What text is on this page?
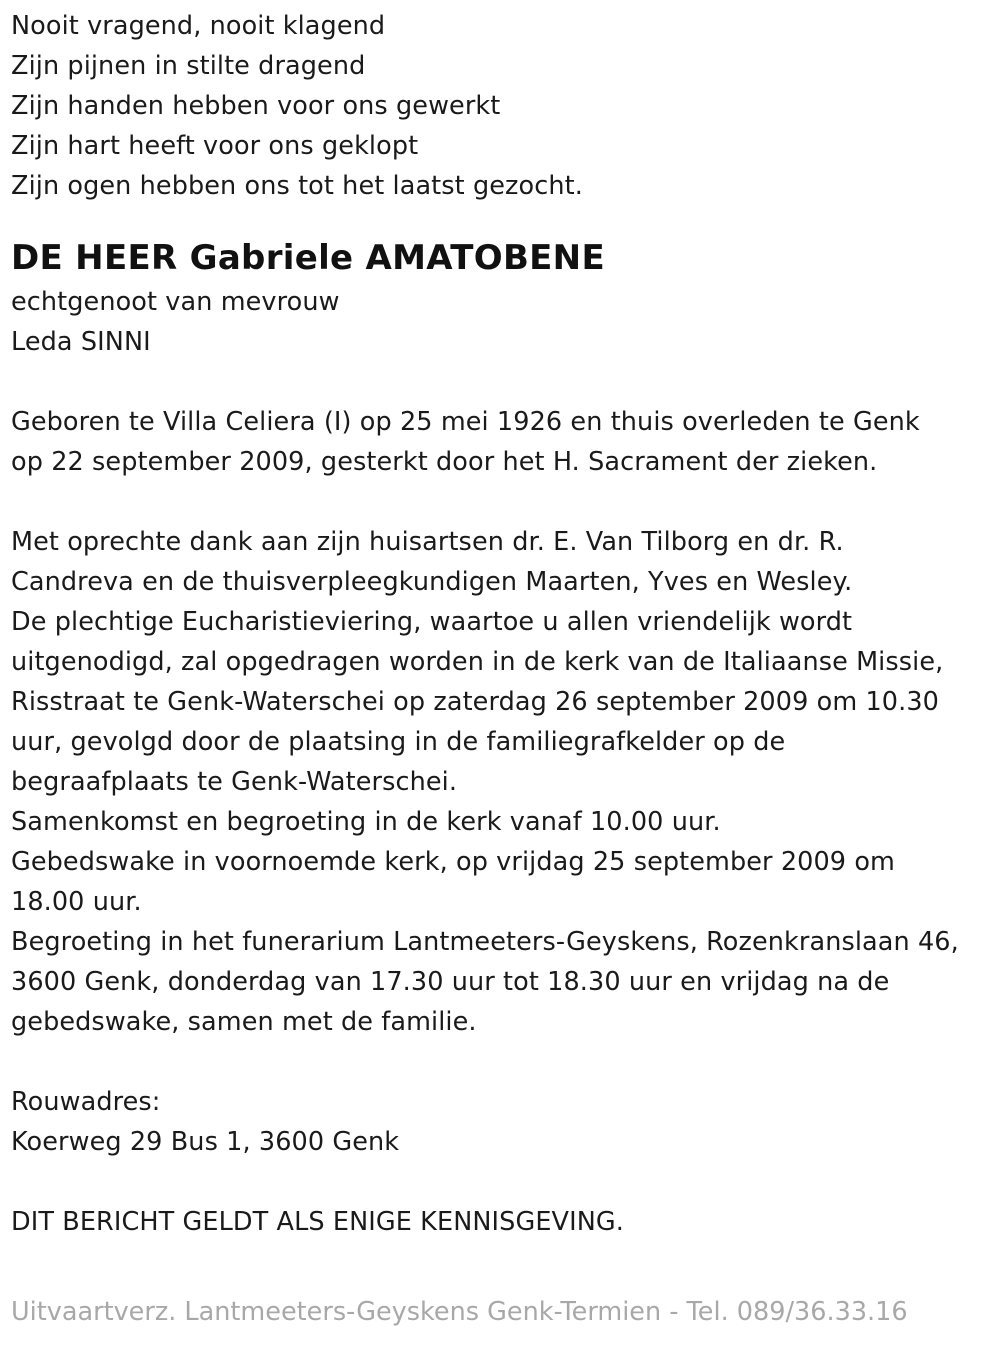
Nooit vragend, nooit klagend
Zijn pijnen in stilte dragend
Zijn handen hebben voor ons gewerkt
Zijn hart heeft voor ons geklopt
Zijn ogen hebben ons tot het laatst gezocht.
DE HEER Gabriele AMATOBENE
echtgenoot van mevrouw
Leda SINNI
Geboren te Villa Celiera (I) op 25 mei 1926 en thuis overleden te Genk
op 22 september 2009, gesterkt door het H. Sacrament der zieken.
Met oprechte dank aan zijn huisartsen dr. E. Van Tilborg en dr. R.
Candreva en de thuisverpleegkundigen Maarten, Yves en Wesley.
De plechtige Eucharistieviering, waartoe u allen vriendelijk wordt
uitgenodigd, zal opgedragen worden in de kerk van de Italiaanse Missie,
Risstraat te Genk-Waterschei op zaterdag 26 september 2009 om 10.30
uur, gevolgd door de plaatsing in de familiegrafkelder op de
begraafplaats te Genk-Waterschei.
Samenkomst en begroeting in de kerk vanaf 10.00 uur.
Gebedswake in voornoemde kerk, op vrijdag 25 september 2009 om
18.00 uur.
Begroeting in het funerarium Lantmeeters-Geyskens, Rozenkranslaan 46,
3600 Genk, donderdag van 17.30 uur tot 18.30 uur en vrijdag na de
gebedswake, samen met de familie.
Rouwadres:
Koerweg 29 Bus 1, 3600 Genk
DIT BERICHT GELDT ALS ENIGE KENNISGEVING.
Uitvaartverz. Lantmeeters-Geyskens Genk-Termien - Tel. 089/36.33.16
